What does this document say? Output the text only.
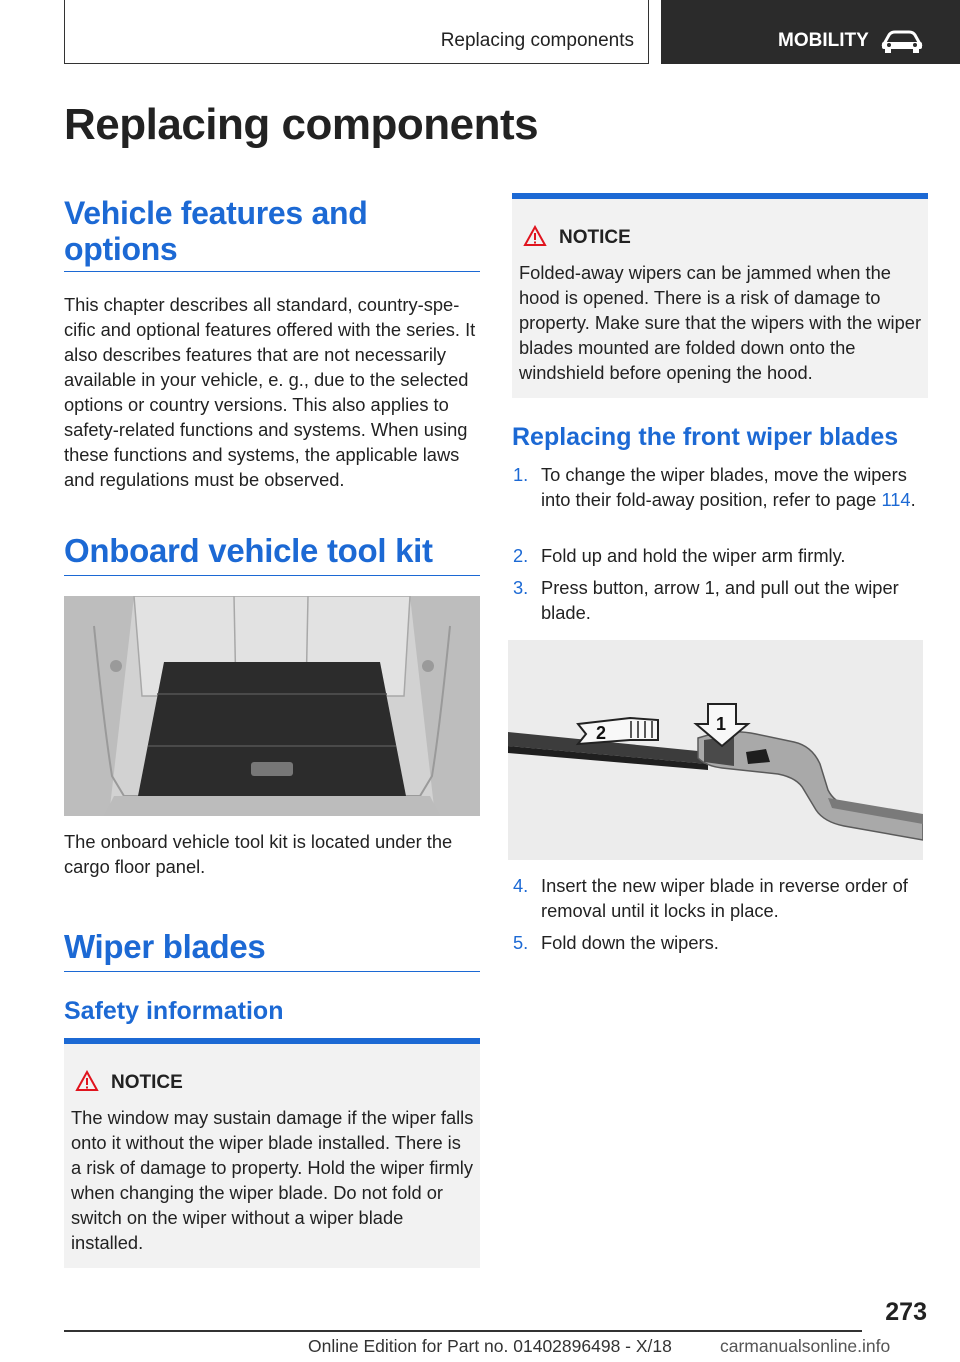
Replacing components	MOBILITY
Replacing components
Vehicle features and options

This chapter describes all standard, country-specific and optional features offered with the series. It also describes features that are not necessarily available in your vehicle, e. g., due to the selected options or country versions. This also applies to safety-related functions and systems. When using these functions and systems, the applicable laws and regulations must be observed.

Onboard vehicle tool kit

The onboard vehicle tool kit is located under the cargo floor panel.

Wiper blades
Safety information
NOTICE

The window may sustain damage if the wiper falls onto it without the wiper blade installed. There is a risk of damage to property. Hold the wiper firmly when changing the wiper blade. Do not fold or switch on the wiper without a wiper blade installed.

NOTICE

Folded-away wipers can be jammed when the hood is opened. There is a risk of damage to property. Make sure that the wipers with the wiper blades mounted are folded down onto the windshield before opening the hood.

Replacing the front wiper blades
1. To change the wiper blades, move the wipers into their fold-away position, refer to page 114.
2. Fold up and hold the wiper arm firmly.
3. Press button, arrow 1, and pull out the wiper blade.
2	1
4. Insert the new wiper blade in reverse order of removal until it locks in place.
5. Fold down the wipers.
273
Online Edition for Part no. 01402896498 - X/18	carmanualsonline.info
